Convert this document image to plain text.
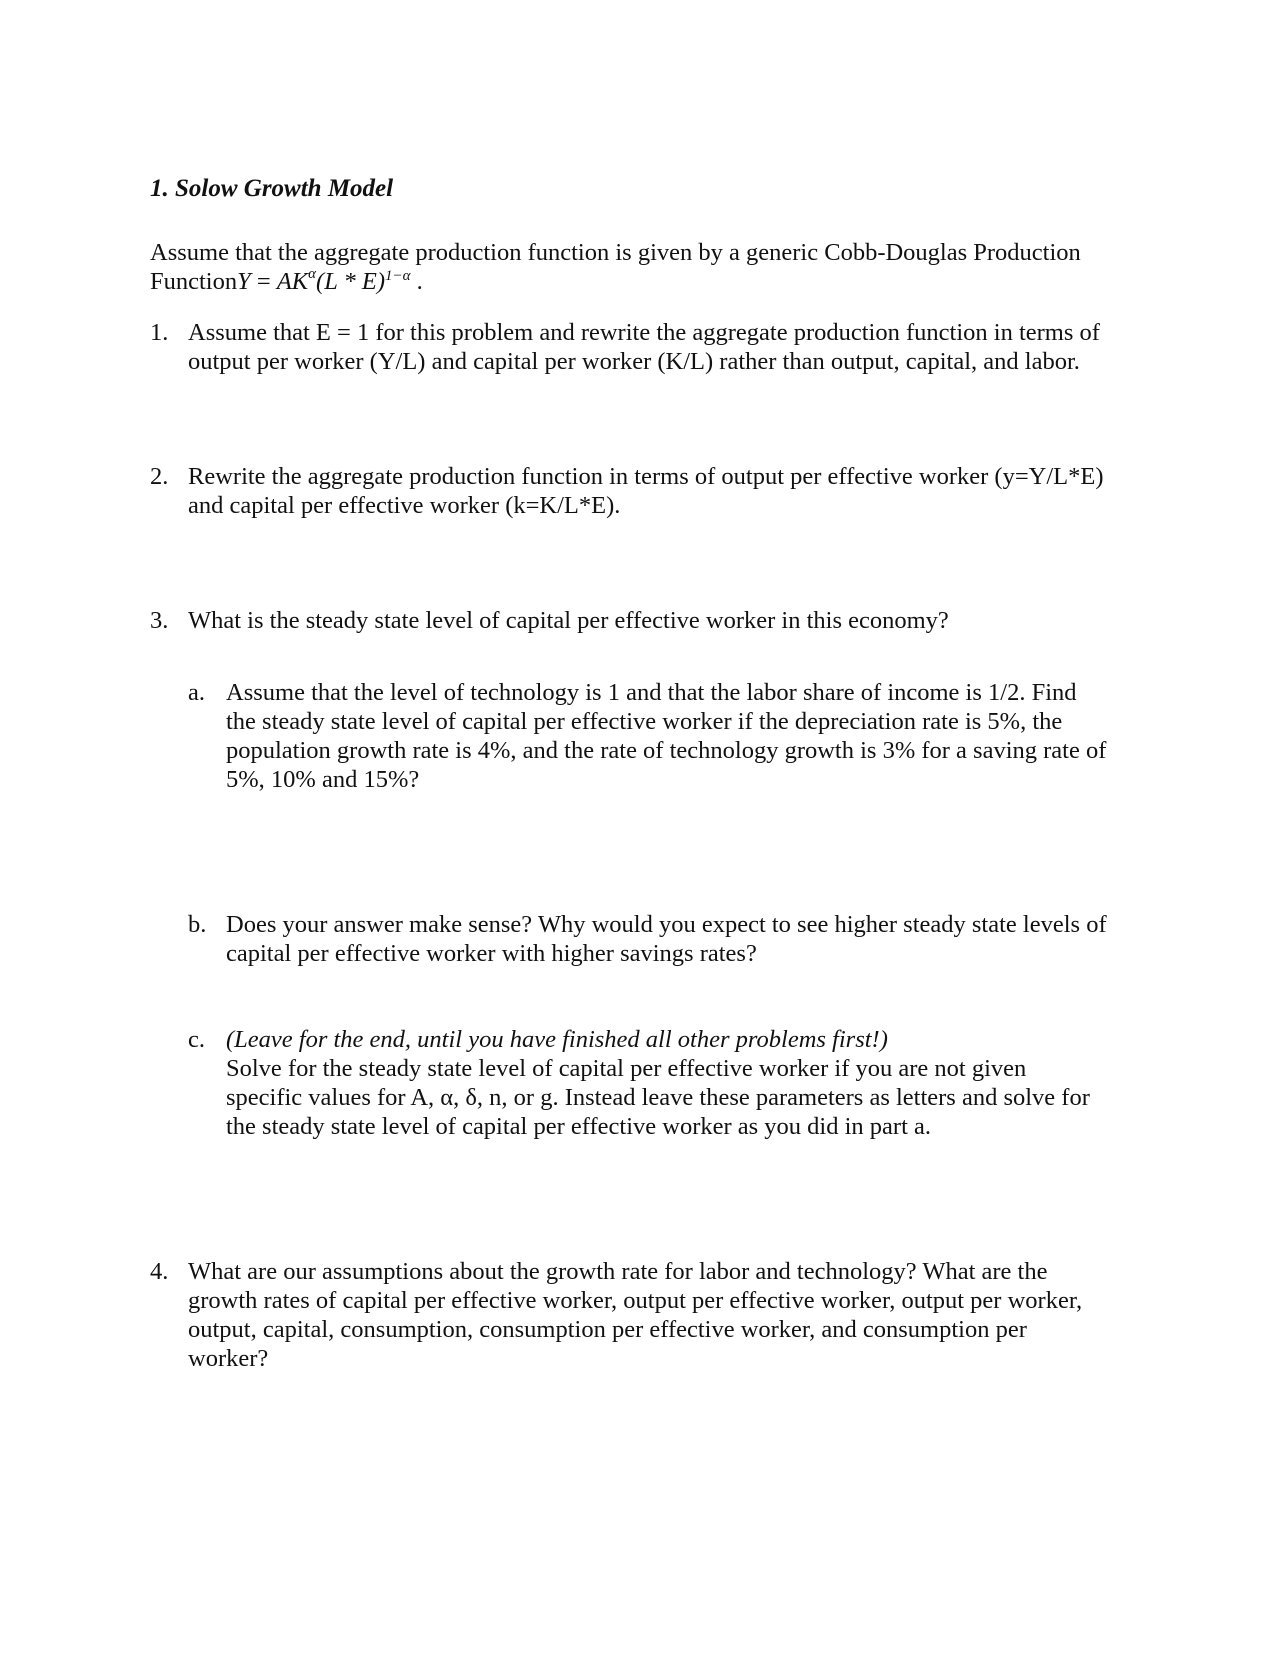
1. Solow Growth Model

Assume that the aggregate production function is given by a generic Cobb-Douglas Production
FunctionY = $AK^\alpha(L * E)^{1-\alpha}$ .

1. Assume that E = 1 for this problem and rewrite the aggregate production function in terms of
output per worker (Y/L) and capital per worker (K/L) rather than output, capital, and labor.

2. Rewrite the aggregate production function in terms of output per effective worker (y=Y/L*E)
and capital per effective worker (k=K/L*E).

3. What is the steady state level of capital per effective worker in this economy?

a. Assume that the level of technology is 1 and that the labor share of income is 1/2. Find
the steady state level of capital per effective worker if the depreciation rate is 5%, the
population growth rate is 4%, and the rate of technology growth is 3% for a saving rate of
5%, 10% and 15%?

b. Does your answer make sense? Why would you expect to see higher steady state levels of
capital per effective worker with higher savings rates?

c. (Leave for the end, until you have finished all other problems first!)
Solve for the steady state level of capital per effective worker if you are not given
specific values for A, α, δ, n, or g. Instead leave these parameters as letters and solve for
the steady state level of capital per effective worker as you did in part a.

4. What are our assumptions about the growth rate for labor and technology? What are the
growth rates of capital per effective worker, output per effective worker, output per worker,
output, capital, consumption, consumption per effective worker, and consumption per
worker?
